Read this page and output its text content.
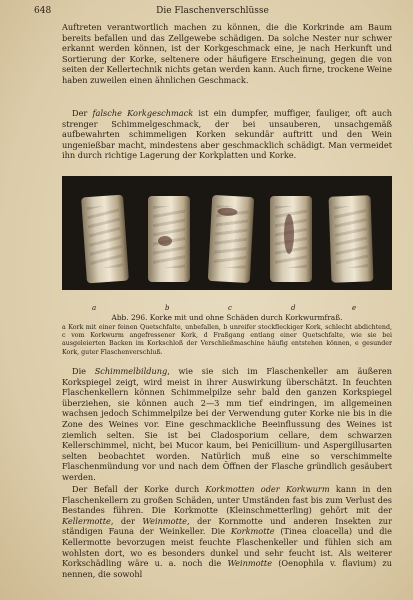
648	Die Flaschenverschlüsse
Auftreten verantwortlich machen zu können, die die Korkrinde am Baum bereits befallen und das Zellgewebe schädigen. Da solche Nester nur schwer erkannt werden können, ist der Korkgeschmack eine, je nach Herkunft und Sortierung der Korke, seltenere oder häufigere Erscheinung, gegen die von seiten der Kellertechnik nichts getan werden kann. Auch firne, trockene Weine haben zuweilen einen ähnlichen Geschmack.
Der falsche Korkgeschmack ist ein dumpfer, muffiger, fauliger, oft auch strenger Schimmelgeschmack, der bei unsauberen, unsachgemäß aufbewahrten schimmeligen Korken sekundär auftritt und den Wein ungenießbar macht, mindestens aber geschmacklich schädigt. Man vermeidet ihn durch richtige Lagerung der Korkplatten und Korke.
a	b	c	d	e
Abb. 296. Korke mit und ohne Schäden durch Korkwurmfraß.
a Kork mit einer feinen Quetschfalte, unbefallen, b unreifer stockfleckiger Kork, schlecht abdichtend, c vom Korkwurm angefressener Kork, d Fraßgang entlang einer Quetschfalte, wie sie bei ausgeleierten Backen im Korkschloß der Verschließmaschine häufig entstehen können, e gesunder Kork, guter Flaschenverschluß.
Die Schimmelbildung, wie sie sich im Flaschenkeller am äußeren Korkspiegel zeigt, wird meist in ihrer Auswirkung überschätzt. In feuchten Flaschenkellern können Schimmelpilze sehr bald den ganzen Korkspiegel überziehen, sie können auch 2—3 mm tief eindringen, im allgemeinen wachsen jedoch Schimmelpilze bei der Verwendung guter Korke nie bis in die Zone des Weines vor. Eine geschmackliche Beeinflussung des Weines ist ziemlich selten. Sie ist bei Cladosporium cellare, dem schwarzen Kellerschimmel, nicht, bei Mucor kaum, bei Penicillium- und Aspergillusarten selten beobachtet worden. Natürlich muß eine so verschimmelte Flaschenmündung vor und nach dem Öffnen der Flasche gründlich gesäubert werden.
Der Befall der Korke durch Korkmotten oder Korkwurm kann in den Flaschenkellern zu großen Schäden, unter Umständen fast bis zum Verlust des Bestandes führen. Die Korkmotte (Kleinschmetterling) gehört mit der Kellermotte, der Weinmotte, der Kornmotte und anderen Insekten zur ständigen Fauna der Weinkeller. Die Korkmotte (Tinea cloacella) und die Kellermotte bevorzugen meist feuchte Flaschenkeller und fühlen sich am wohlsten dort, wo es besonders dunkel und sehr feucht ist. Als weiterer Korkschädling wäre u. a. noch die Weinmotte (Oenophila v. flavium) zu nennen, die sowohl
